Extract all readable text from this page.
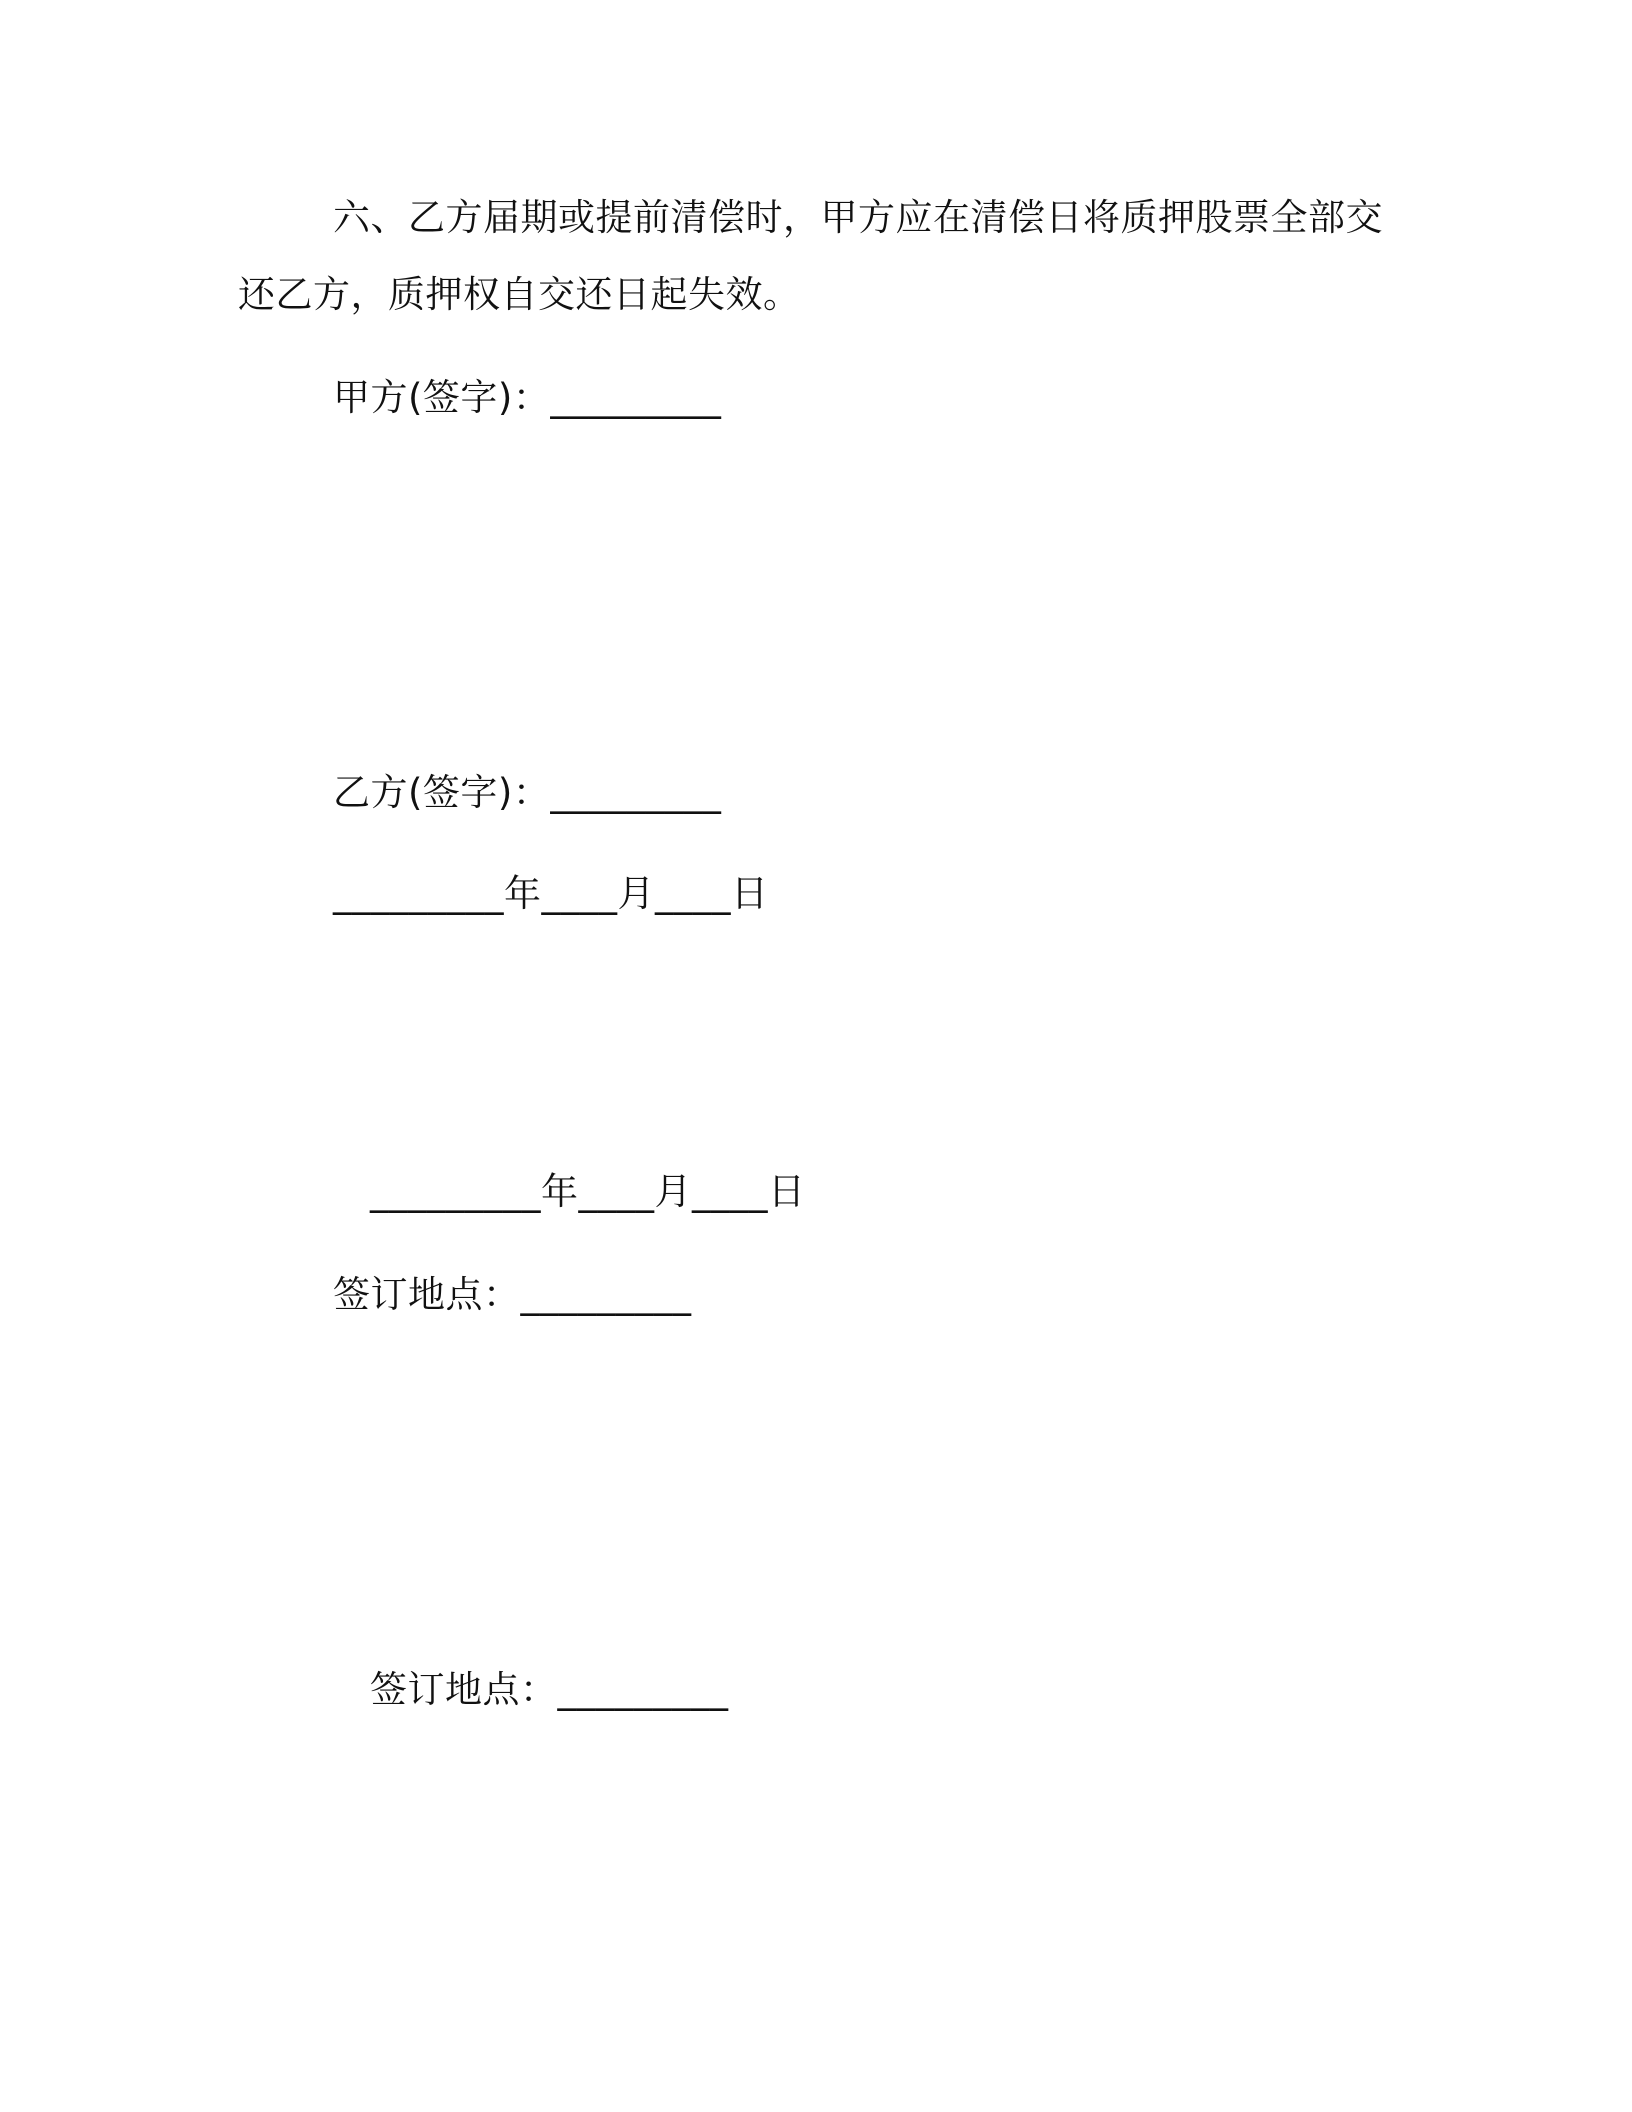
六、乙方届期或提前清偿时，甲方应在清偿日将质押股票全部交
还乙方，质押权自交还日起失效。
甲方(签字)：_________
乙方(签字)：_________
_________年____月____日
_________年____月____日
签订地点：_________
签订地点：_________
